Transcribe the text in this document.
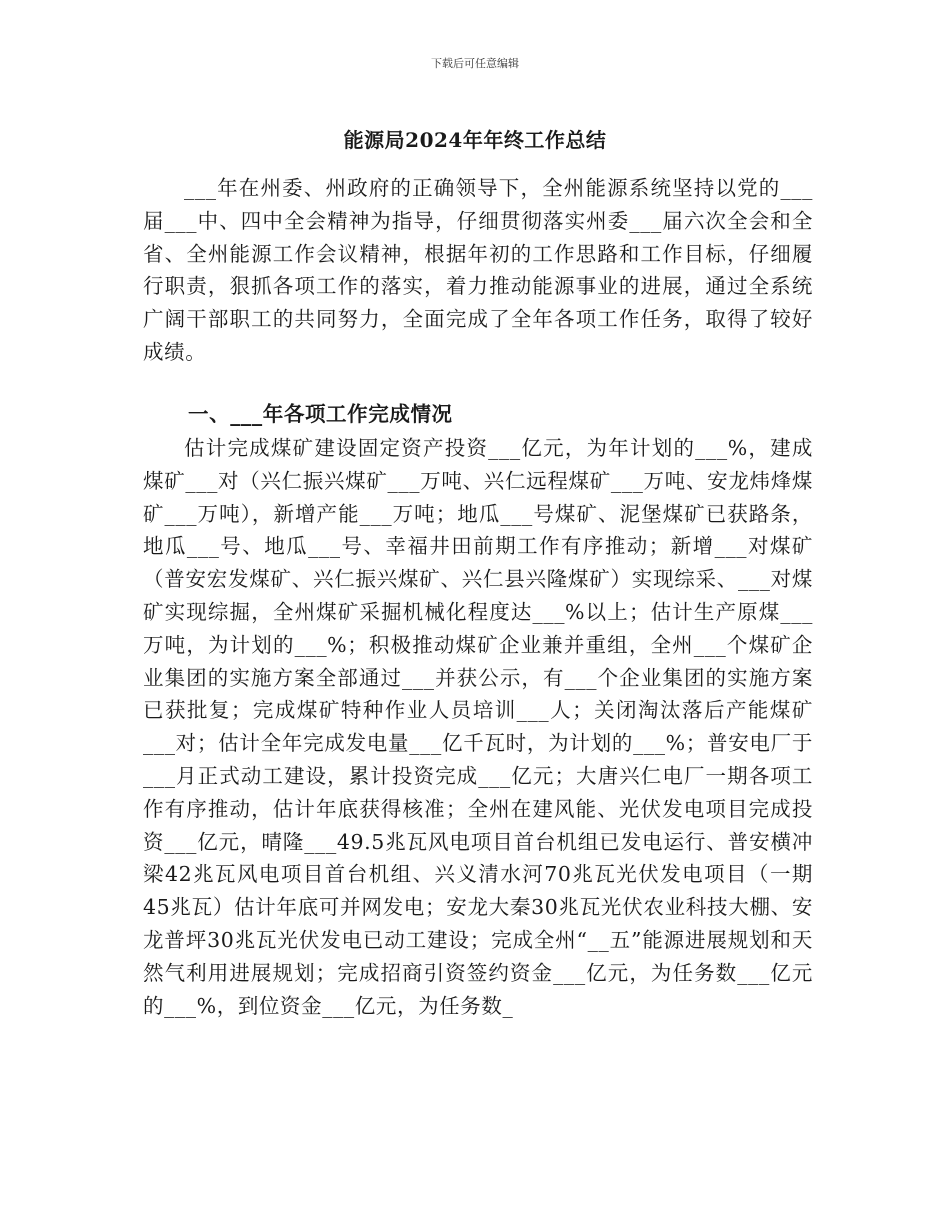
下载后可任意编辑
能源局2024年年终工作总结

___年在州委、州政府的正确领导下，全州能源系统坚持以党的___届___中、四中全会精神为指导，仔细贯彻落实州委___届六次全会和全省、全州能源工作会议精神，根据年初的工作思路和工作目标，仔细履行职责，狠抓各项工作的落实，着力推动能源事业的进展，通过全系统广阔干部职工的共同努力，全面完成了全年各项工作任务，取得了较好成绩。

一、___年各项工作完成情况

估计完成煤矿建设固定资产投资___亿元，为年计划的___%，建成煤矿___对（兴仁振兴煤矿___万吨、兴仁远程煤矿___万吨、安龙炜烽煤矿___万吨），新增产能___万吨；地瓜___号煤矿、泥堡煤矿已获路条，地瓜___号、地瓜___号、幸福井田前期工作有序推动；新增___对煤矿（普安宏发煤矿、兴仁振兴煤矿、兴仁县兴隆煤矿）实现综采、___对煤矿实现综掘，全州煤矿采掘机械化程度达___%以上；估计生产原煤___万吨，为计划的___%；积极推动煤矿企业兼并重组，全州___个煤矿企业集团的实施方案全部通过___并获公示，有___个企业集团的实施方案已获批复；完成煤矿特种作业人员培训___人；关闭淘汰落后产能煤矿___对；估计全年完成发电量___亿千瓦时，为计划的___%；普安电厂于___月正式动工建设，累计投资完成___亿元；大唐兴仁电厂一期各项工作有序推动，估计年底获得核准；全州在建风能、光伏发电项目完成投资___亿元，晴隆___49.5兆瓦风电项目首台机组已发电运行、普安横冲梁42兆瓦风电项目首台机组、兴义清水河70兆瓦光伏发电项目（一期45兆瓦）估计年底可并网发电；安龙大秦30兆瓦光伏农业科技大棚、安龙普坪30兆瓦光伏发电已动工建设；完成全州“__五”能源进展规划和天然气利用进展规划；完成招商引资签约资金___亿元，为任务数___亿元的___%，到位资金___亿元，为任务数_
